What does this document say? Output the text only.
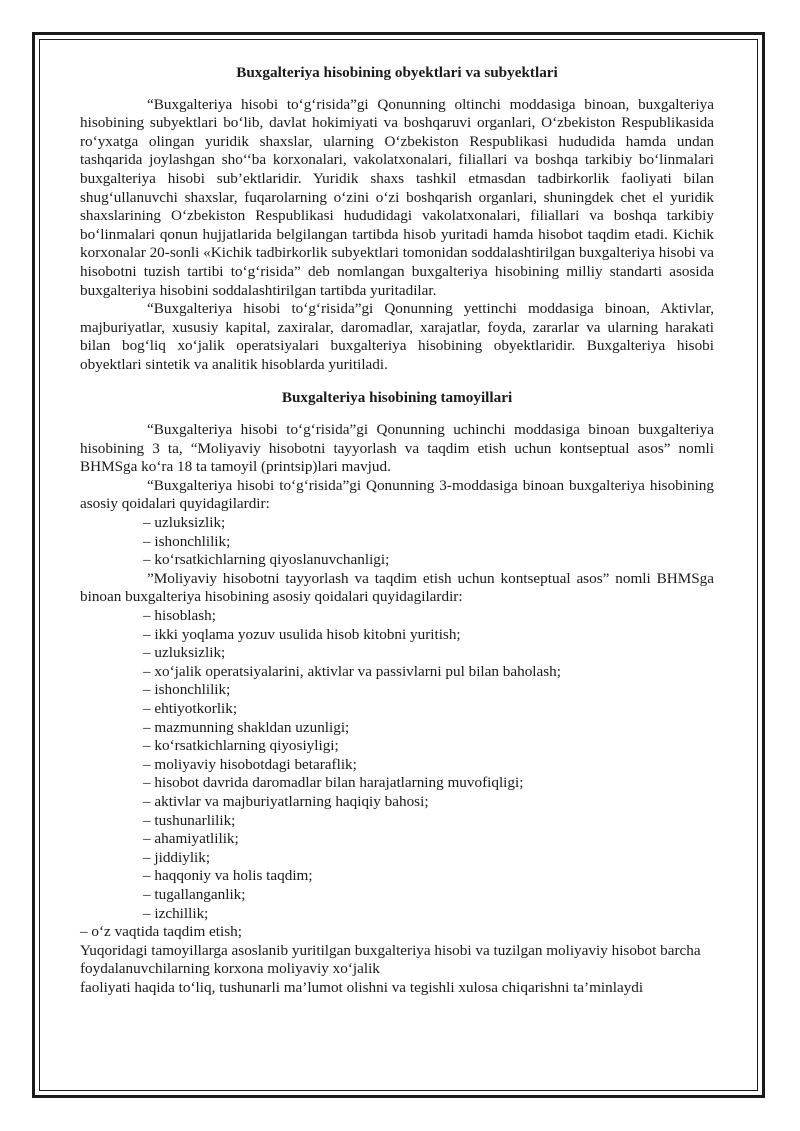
Buxgalteriya hisobining obyektlari va subyektlari

“Buxgalteriya hisobi to‘g‘risida”gi Qonunning oltinchi moddasiga binoan, buxgalteriya hisobining subyektlari bo‘lib, davlat hokimiyati va boshqaruvi organlari, O‘zbekiston Respublikasida ro‘yxatga olingan yuridik shaxslar, ularning O‘zbekiston Respublikasi hududida hamda undan tashqarida joylashgan sho‘‘ba korxonalari, vakolatxonalari, filiallari va boshqa tarkibiy bo‘linmalari buxgalteriya hisobi sub’ektlaridir. Yuridik shaxs tashkil etmasdan tadbirkorlik faoliyati bilan shug‘ullanuvchi shaxslar, fuqarolarning o‘zini o‘zi boshqarish organlari, shuningdek chet el yuridik shaxslarining O‘zbekiston Respublikasi hududidagi vakolatxonalari, filiallari va boshqa tarkibiy bo‘linmalari qonun hujjatlarida belgilangan tartibda hisob yuritadi hamda hisobot taqdim etadi. Kichik korxonalar 20-sonli «Kichik tadbirkorlik subyektlari tomonidan soddalashtirilgan buxgalteriya hisobi va hisobotni tuzish tartibi to‘g‘risida” deb nomlangan buxgalteriya hisobining milliy standarti asosida buxgalteriya hisobini soddalashtirilgan tartibda yuritadilar.

“Buxgalteriya hisobi to‘g‘risida”gi Qonunning yettinchi moddasiga binoan, Aktivlar, majburiyatlar, xususiy kapital, zaxiralar, daromadlar, xarajatlar, foyda, zararlar va ularning harakati bilan bog‘liq xo‘jalik operatsiyalari buxgalteriya hisobining obyektlaridir. Buxgalteriya hisobi obyektlari sintetik va analitik hisoblarda yuritiladi.

Buxgalteriya hisobining tamoyillari

“Buxgalteriya hisobi to‘g‘risida”gi Qonunning uchinchi moddasiga binoan buxgalteriya hisobining 3 ta, “Moliyaviy hisobotni tayyorlash va taqdim etish uchun kontseptual asos” nomli BHMSga ko‘ra 18 ta tamoyil (printsip)lari mavjud.

“Buxgalteriya hisobi to‘g‘risida”gi Qonunning 3-moddasiga binoan buxgalteriya hisobining asosiy qoidalari quyidagilardir:

– uzluksizlik;
– ishonchlilik;
– ko‘rsatkichlarning qiyoslanuvchanligi;

”Moliyaviy hisobotni tayyorlash va taqdim etish uchun kontseptual asos” nomli BHMSga binoan buxgalteriya hisobining asosiy qoidalari quyidagilardir:

– hisoblash;
– ikki yoqlama yozuv usulida hisob kitobni yuritish;
– uzluksizlik;
– xo‘jalik operatsiyalarini, aktivlar va passivlarni pul bilan baholash;
– ishonchlilik;
– ehtiyotkorlik;
– mazmunning shakldan uzunligi;
– ko‘rsatkichlarning qiyosiyligi;
– moliyaviy hisobotdagi betaraflik;
– hisobot davrida daromadlar bilan harajatlarning muvofiqligi;
– aktivlar va majburiyatlarning haqiqiy bahosi;
– tushunarlilik;
– ahamiyatlilik;
– jiddiylik;
– haqqoniy va holis taqdim;
– tugallanganlik;
– izchillik;
– o‘z vaqtida taqdim etish;
Yuqoridagi tamoyillarga asoslanib yuritilgan buxgalteriya hisobi va tuzilgan moliyaviy hisobot barcha foydalanuvchilarning korxona moliyaviy xo‘jalik
faoliyati haqida to‘liq, tushunarli ma’lumot olishni va tegishli xulosa chiqarishni ta’minlaydi
